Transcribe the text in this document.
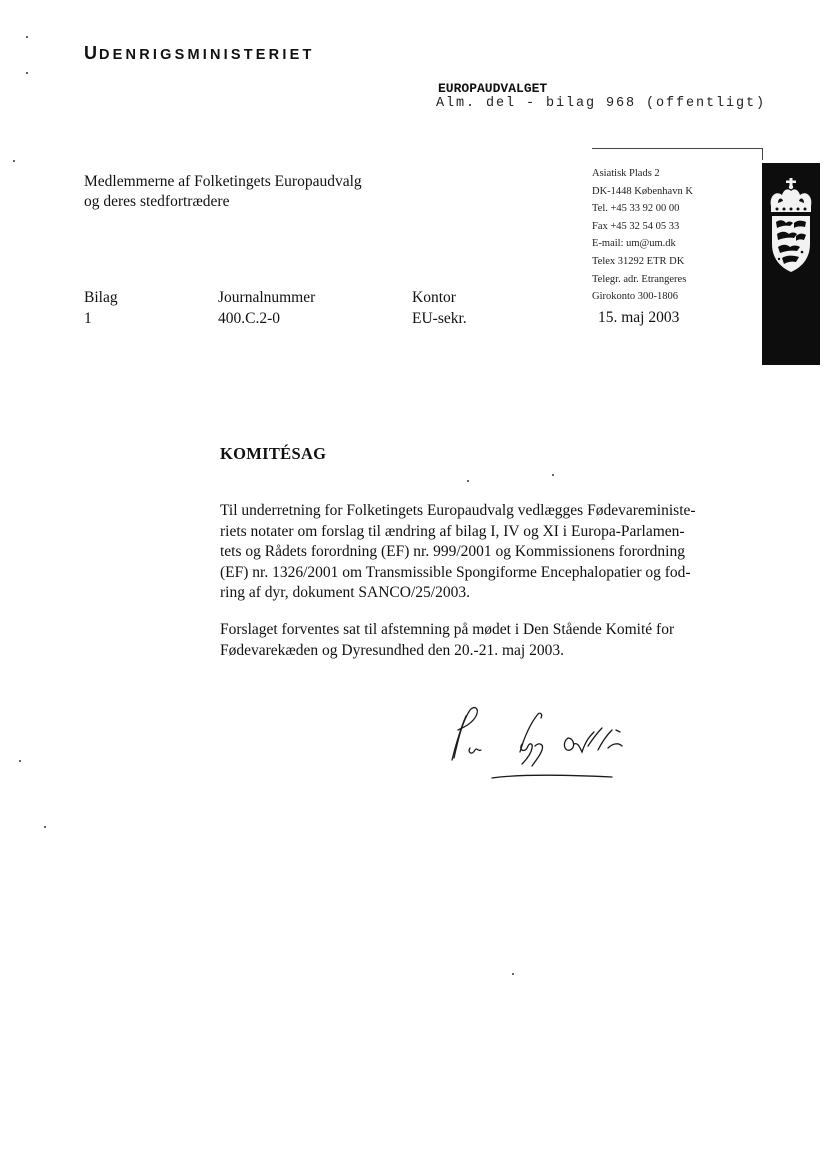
UDENRIGSMINISTERIET
EUROPAUDVALGET
Alm. del - bilag 968 (offentligt)
Asiatisk Plads 2
DK-1448 København K
Tel. +45 33 92 00 00
Fax +45 32 54 05 33
E-mail: um@um.dk
Telex 31292 ETR DK
Telegr. adr. Etrangeres
Girokonto 300-1806
Medlemmerne af Folketingets Europaudvalg
og deres stedfortrædere
Bilag
1
Journalnummer
400.C.2-0
Kontor
EU-sekr.	15. maj 2003
KOMITÉSAG
Til underretning for Folketingets Europaudvalg vedlægges Fødevareministe-
riets notater om forslag til ændring af bilag I, IV og XI i Europa-Parlamen-
tets og Rådets forordning (EF) nr. 999/2001 og Kommissionens forordning
(EF) nr. 1326/2001 om Transmissible Spongiforme Encephalopatier og fod-
ring af dyr, dokument SANCO/25/2003.
Forslaget forventes sat til afstemning på mødet i Den Stående Komité for
Fødevarekæden og Dyresundhed den 20.-21. maj 2003.
